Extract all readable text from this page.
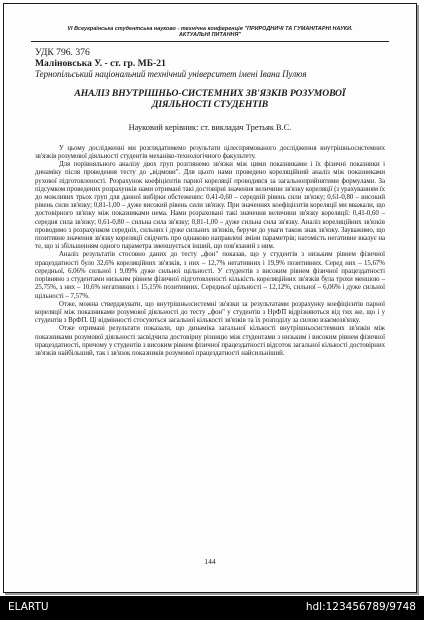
VI Всеукраїнська студентська науково - технічна конференція "ПРИРОДНИЧІ ТА ГУМАНІТАРНІ НАУКИ.
АКТУАЛЬНІ ПИТАННЯ"
УДК 796. 376
Маліновська У. - ст. гр. МБ-21
Тернопільський національний технічний університет імені Івана Пулюя
АНАЛІЗ ВНУТРІШНЬО-СИСТЕМНИХ ЗВ'ЯЗКІВ РОЗУМОВОЇ
ДІЯЛЬНОСТІ СТУДЕНТІВ
Науковий керівник: ст. викладач Третьяк В.С.

У цьому дослідженні ми розглядатимемо результати цілеспрямованого дослідження внутрішньосистемних зв'язків розумової діяльності студентів механіко-технологічного факультету.

Для порівняльного аналізу двох груп розглянемо зв'язки між цими показниками і їх фізичні показники і динаміку після проведення тесту до „відмови". Для цього нами проведено кореляційний аналіз між показниками рухової підготовленості. Розрахунок коефіцієнтів парної кореляції проводився за загальноприйнятими формулами. За підсумком проведених розрахунків нами отримані такі достовірні значення величини зв'язку кореляції (з урахуванням їх до можливих трьох груп для данної вибірки обстежених: 0,41-0,60 – середній рівень сили зв'язку; 0,61-0,80 – високий рівень сили зв'язку; 0,81-1,00 – дуже високий рівень сили зв'язку. При значеннях коефіцієнтів кореляції ми вважали, що достовірного зв'язку між показниками нема. Нами розраховані такі значення величини зв'язку кореляції: 0,41-0,60 – середня сила зв'язку; 0,61-0,80 – сильна сила зв'язку; 0,81-1,00 – дуже сильна сила зв'язку. Аналіз кореляційних зв'язків проводимо з розрахунком середніх, сильних і дуже сильних зв'язків, беручи до уваги також знак зв'язку. Зауважимо, що позитивне значення зв'язку кореляції свідчить про однаково направлені зміни параметрів; натомість негативне вказує на те, що зі збільшенням одного параметра зменшується інший, що пов'язаний з ним.

Аналіз результатів стосовно даних до тесту „фон" показав, що у студентів з низьким рівнем фізичної працездатності було 32,6% кореляційних зв'язків, з них – 12,7% негативних і 19,9% позитивних. Серед них – 15,67% середньої, 6,06% сильної і 9,09% дуже сильної щільності. У студентів з високим рівнем фізичної працездатності порівняно з студентами низьким рівнем фізичної підготовленості кількість кореляційних зв'язків була трохи меншою – 25,75%, з них – 10,6% негативних і 15,15% позитивних. Середньої щільності – 12,12%, сильної – 6,06% і дуже сильної щільності – 7,57%.

Отже, можна стверджувати, що внутрішньосистемні зв'язки за результатами розрахунку коефіцієнтів парної кореляції між показниками розумової діяльності до тесту „фон" у студентів з НрФП відрізняються від тих же, що і у студентів з ВрФП. Ці відмінності стосуються загальної кількості зв'язків та їх розподілу за силою взаємозв'язку.

Отже отримані результати показали, що динаміка загальної кількості внутрішньосистемних зв'язків між показниками розумової діяльності засвідчила достовірну різницю між студентами з низьким і високим рівнем фізичної працездатності, причому у студентів з високим рівнем фізичної працездатності відсоток загальної кількості достовірних зв'язків найбільший, так і зв'язок показників розумової працездатності найсильніший.

144
ELARTU	hdl:123456789/9748
